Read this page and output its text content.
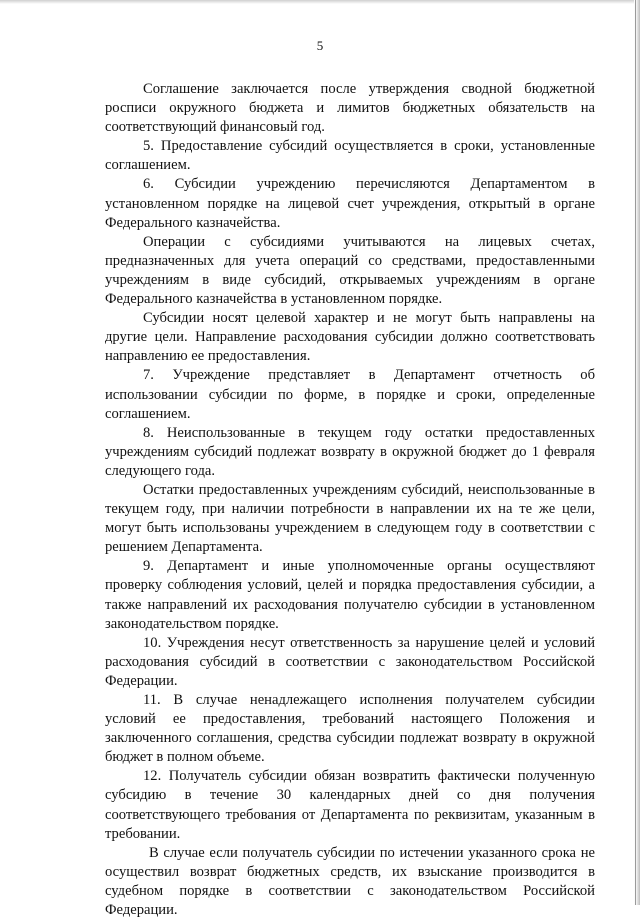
5

Соглашение заключается после утверждения сводной бюджетной росписи окружного бюджета и лимитов бюджетных обязательств на соответствующий финансовый год.

5. Предоставление субсидий осуществляется в сроки, установленные соглашением.

6. Субсидии учреждению перечисляются Департаментом в установленном порядке на лицевой счет учреждения, открытый в органе Федерального казначейства.

Операции с субсидиями учитываются на лицевых счетах, предназначенных для учета операций со средствами, предоставленными учреждениям в виде субсидий, открываемых учреждениям в органе Федерального казначейства в установленном порядке.

Субсидии носят целевой характер и не могут быть направлены на другие цели. Направление расходования субсидии должно соответствовать направлению ее предоставления.

7. Учреждение представляет в Департамент отчетность об использовании субсидии по форме, в порядке и сроки, определенные соглашением.

8. Неиспользованные в текущем году остатки предоставленных учреждениям субсидий подлежат возврату в окружной бюджет до 1 февраля следующего года.

Остатки предоставленных учреждениям субсидий, неиспользованные в текущем году, при наличии потребности в направлении их на те же цели, могут быть использованы учреждением в следующем году в соответствии с решением Департамента.

9. Департамент и иные уполномоченные органы осуществляют проверку соблюдения условий, целей и порядка предоставления субсидии, а также направлений их расходования получателю субсидии в установленном законодательством порядке.

10. Учреждения несут ответственность за нарушение целей и условий расходования субсидий в соответствии с законодательством Российской Федерации.

11. В случае ненадлежащего исполнения получателем субсидии условий ее предоставления, требований настоящего Положения и заключенного соглашения, средства субсидии подлежат возврату в окружной бюджет в полном объеме.

12. Получатель субсидии обязан возвратить фактически полученную субсидию в течение 30 календарных дней со дня получения соответствующего требования от Департамента по реквизитам, указанным в требовании.

В случае если получатель субсидии по истечении указанного срока не осуществил возврат бюджетных средств, их взыскание производится в судебном порядке в соответствии с законодательством Российской Федерации.
